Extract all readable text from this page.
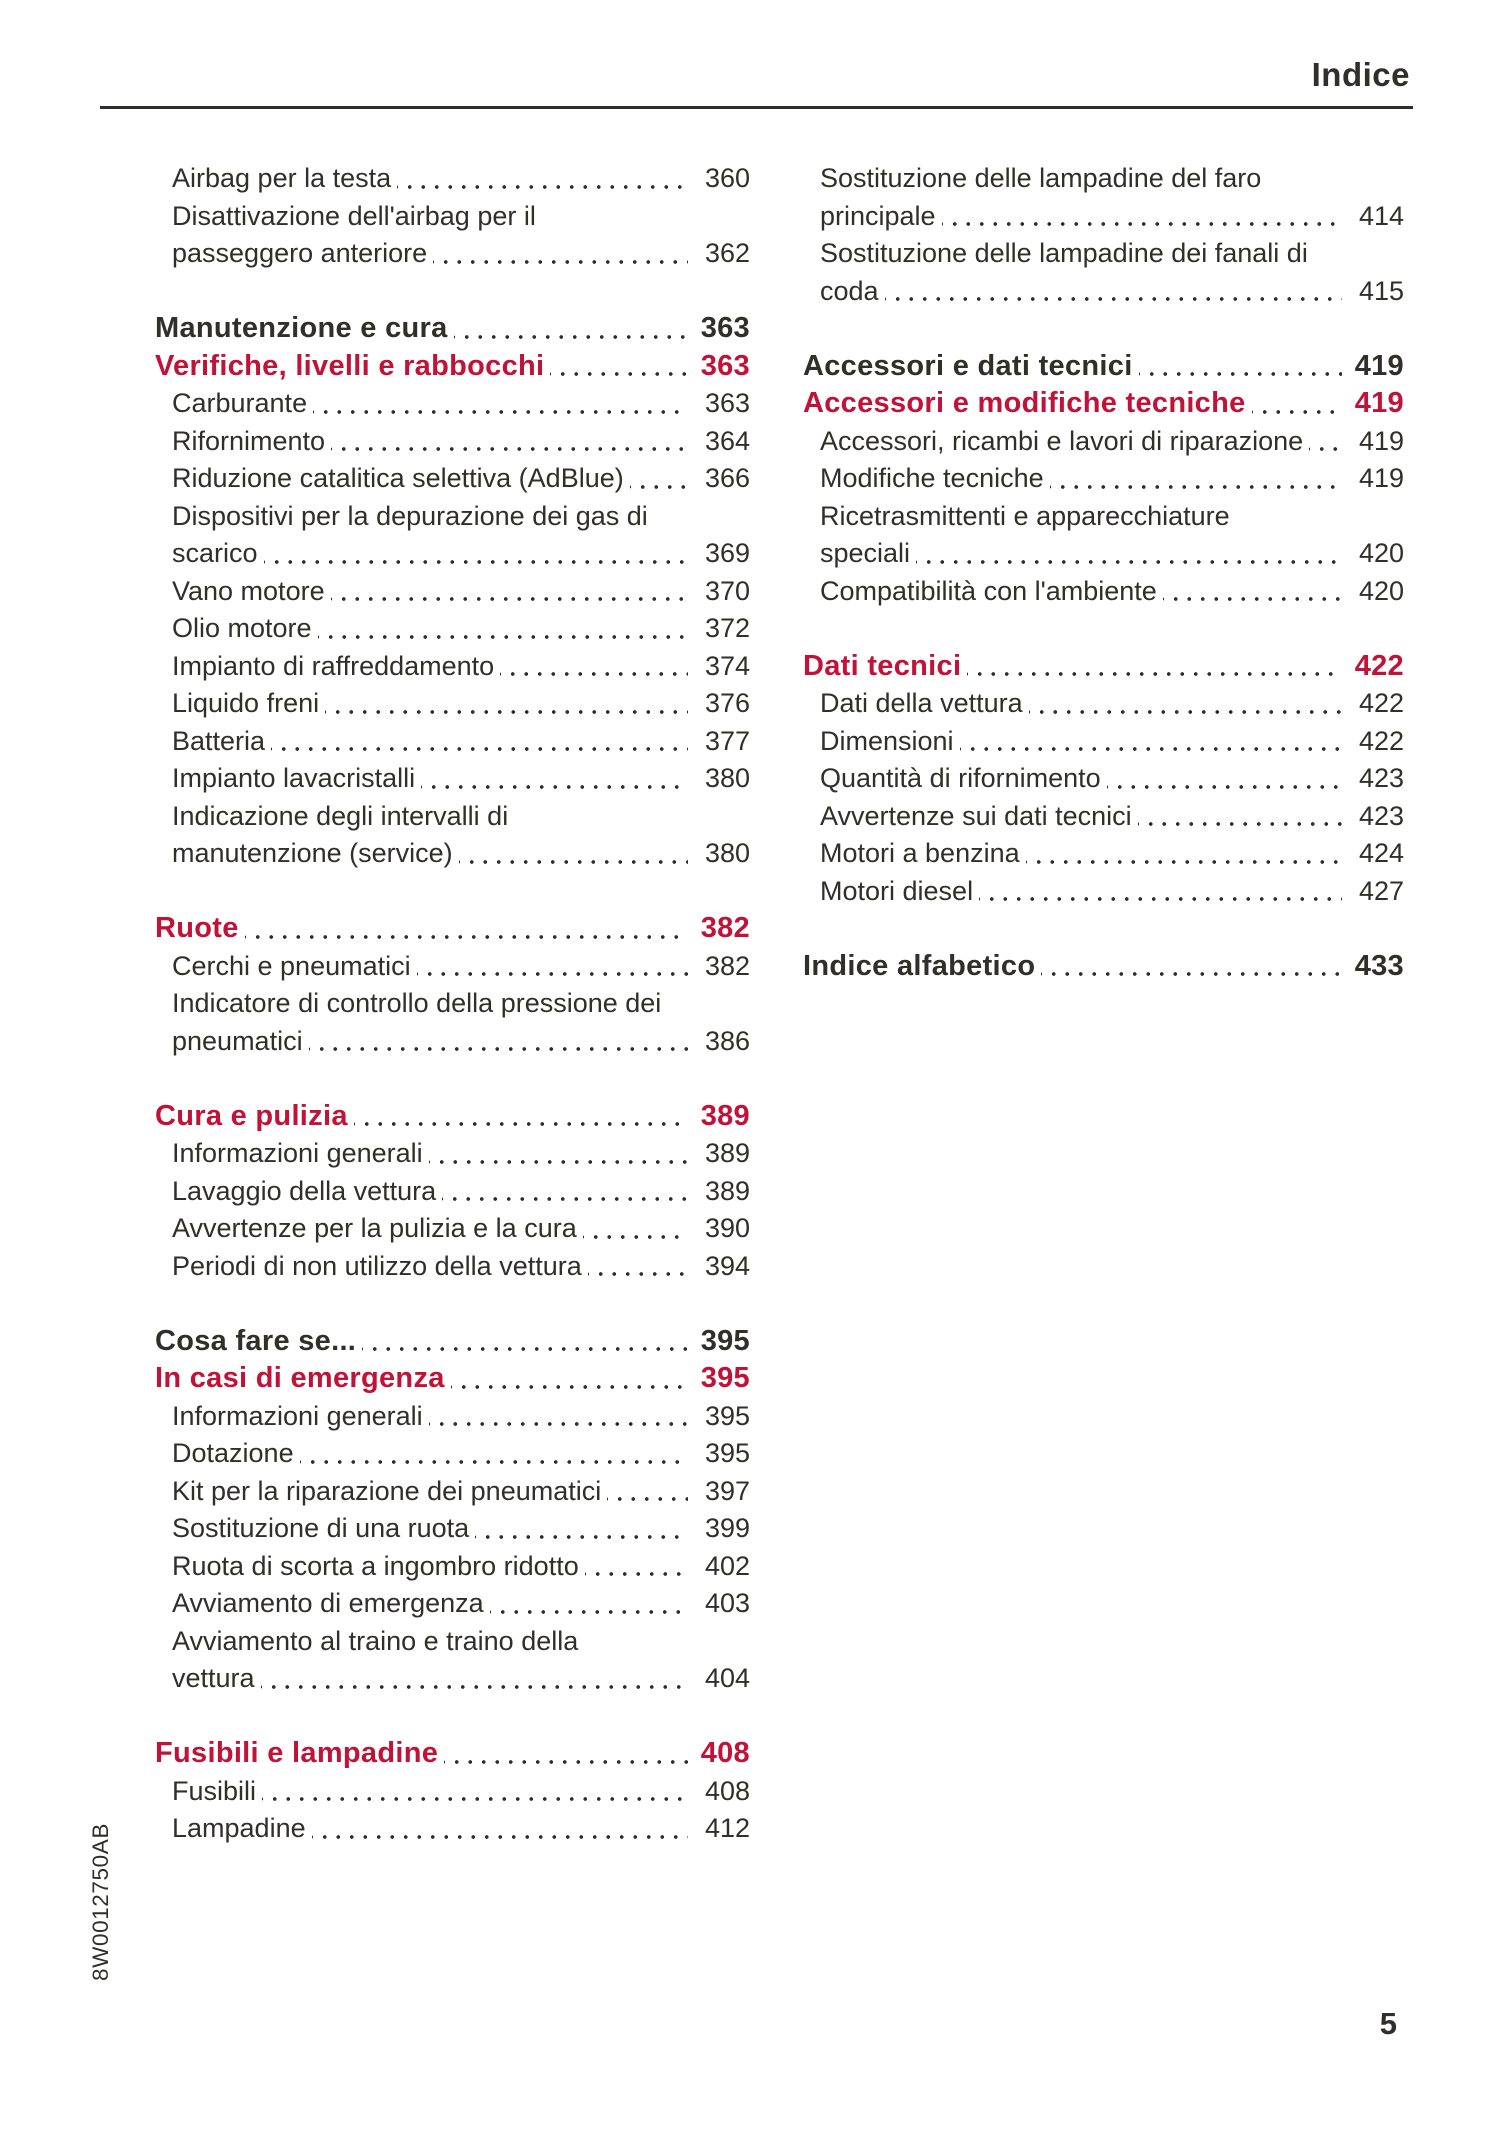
Indice
Airbag per la testa	360
Disattivazione dell'airbag per il
passeggero anteriore	362
Manutenzione e cura	363
Verifiche, livelli e rabbocchi	363
Carburante	363
Rifornimento	364
Riduzione catalitica selettiva (AdBlue)	366
Dispositivi per la depurazione dei gas di
scarico	369
Vano motore	370
Olio motore	372
Impianto di raffreddamento	374
Liquido freni	376
Batteria	377
Impianto lavacristalli	380
Indicazione degli intervalli di
manutenzione (service)	380
Ruote	382
Cerchi e pneumatici	382
Indicatore di controllo della pressione dei
pneumatici	386
Cura e pulizia	389
Informazioni generali	389
Lavaggio della vettura	389
Avvertenze per la pulizia e la cura	390
Periodi di non utilizzo della vettura	394
Cosa fare se...	395
In casi di emergenza	395
Informazioni generali	395
Dotazione	395
Kit per la riparazione dei pneumatici	397
Sostituzione di una ruota	399
Ruota di scorta a ingombro ridotto	402
Avviamento di emergenza	403
Avviamento al traino e traino della
vettura	404
Fusibili e lampadine	408
Fusibili	408
Lampadine	412
Sostituzione delle lampadine del faro
principale	414
Sostituzione delle lampadine dei fanali di
coda	415
Accessori e dati tecnici	419
Accessori e modifiche tecniche	419
Accessori, ricambi e lavori di riparazione	419
Modifiche tecniche	419
Ricetrasmittenti e apparecchiature
speciali	420
Compatibilità con l'ambiente	420
Dati tecnici	422
Dati della vettura	422
Dimensioni	422
Quantità di rifornimento	423
Avvertenze sui dati tecnici	423
Motori a benzina	424
Motori diesel	427
Indice alfabetico	433
8W0012750AB
5
